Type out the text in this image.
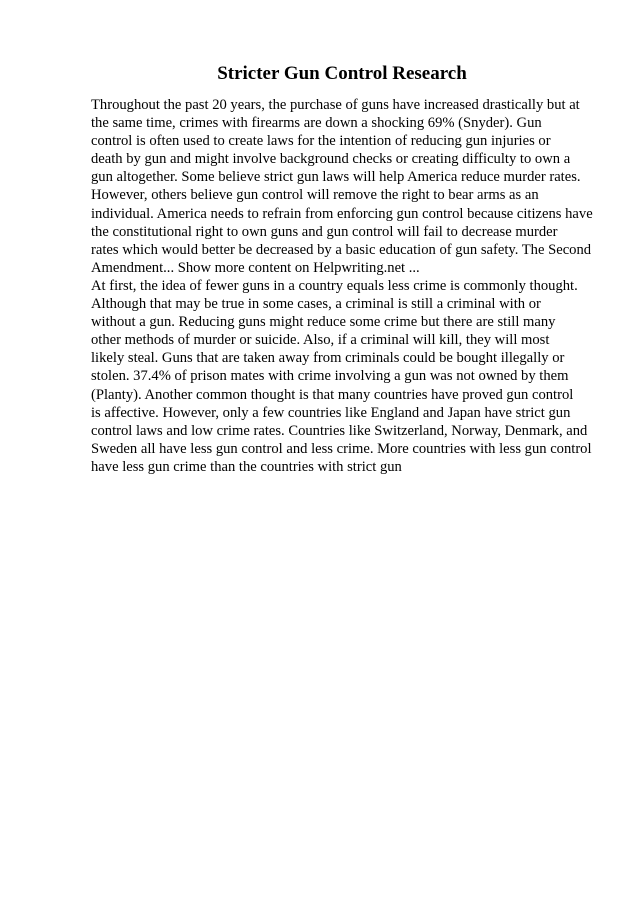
Stricter Gun Control Research
Throughout the past 20 years, the purchase of guns have increased drastically but at
the same time, crimes with firearms are down a shocking 69% (Snyder). Gun
control is often used to create laws for the intention of reducing gun injuries or
death by gun and might involve background checks or creating difficulty to own a
gun altogether. Some believe strict gun laws will help America reduce murder rates.
However, others believe gun control will remove the right to bear arms as an
individual. America needs to refrain from enforcing gun control because citizens have
the constitutional right to own guns and gun control will fail to decrease murder
rates which would better be decreased by a basic education of gun safety. The Second
Amendment... Show more content on Helpwriting.net ...
At first, the idea of fewer guns in a country equals less crime is commonly thought.
Although that may be true in some cases, a criminal is still a criminal with or
without a gun. Reducing guns might reduce some crime but there are still many
other methods of murder or suicide. Also, if a criminal will kill, they will most
likely steal. Guns that are taken away from criminals could be bought illegally or
stolen. 37.4% of prison mates with crime involving a gun was not owned by them
(Planty). Another common thought is that many countries have proved gun control
is affective. However, only a few countries like England and Japan have strict gun
control laws and low crime rates. Countries like Switzerland, Norway, Denmark, and
Sweden all have less gun control and less crime. More countries with less gun control
have less gun crime than the countries with strict gun
